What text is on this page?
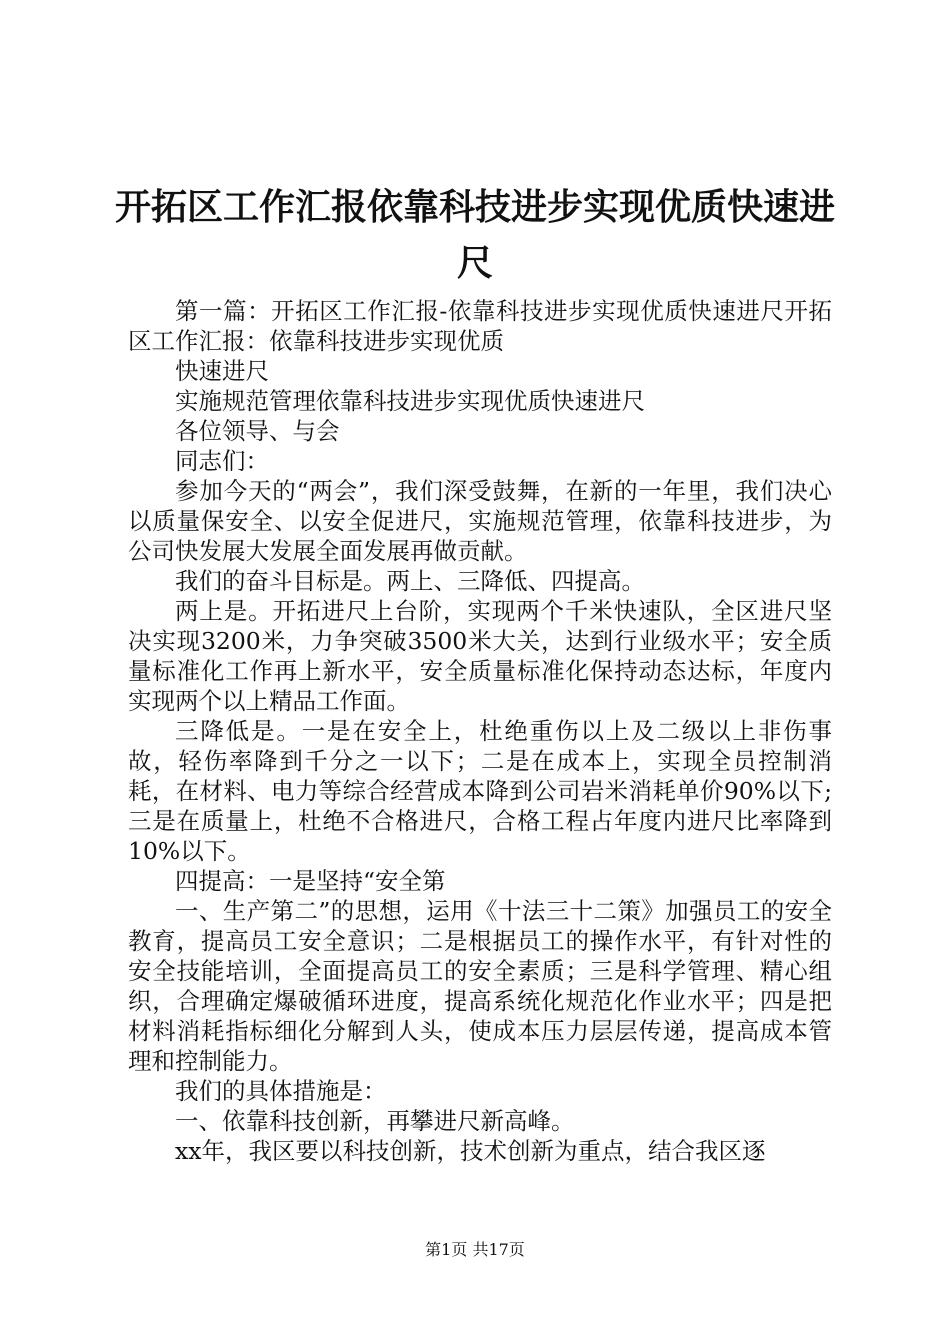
开拓区工作汇报依靠科技进步实现优质快速进尺

第一篇：开拓区工作汇报-依靠科技进步实现优质快速进尺开拓区工作汇报：依靠科技进步实现优质

快速进尺

实施规范管理依靠科技进步实现优质快速进尺

各位领导、与会

同志们：

参加今天的“两会”，我们深受鼓舞，在新的一年里，我们决心以质量保安全、以安全促进尺，实施规范管理，依靠科技进步，为公司快发展大发展全面发展再做贡献。

我们的奋斗目标是。两上、三降低、四提高。

两上是。开拓进尺上台阶，实现两个千米快速队，全区进尺坚决实现3200米，力争突破3500米大关，达到行业级水平；安全质量标准化工作再上新水平，安全质量标准化保持动态达标，年度内实现两个以上精品工作面。

三降低是。一是在安全上，杜绝重伤以上及二级以上非伤事故，轻伤率降到千分之一以下；二是在成本上，实现全员控制消耗，在材料、电力等综合经营成本降到公司岩米消耗单价90%以下;三是在质量上，杜绝不合格进尺，合格工程占年度内进尺比率降到10%以下。

四提高：一是坚持“安全第

一、生产第二”的思想，运用《十法三十二策》加强员工的安全教育，提高员工安全意识；二是根据员工的操作水平，有针对性的安全技能培训，全面提高员工的安全素质；三是科学管理、精心组织，合理确定爆破循环进度，提高系统化规范化作业水平；四是把材料消耗指标细化分解到人头，使成本压力层层传递，提高成本管理和控制能力。

我们的具体措施是：

一、依靠科技创新，再攀进尺新高峰。

xx年，我区要以科技创新，技术创新为重点，结合我区逐

第1页 共17页
